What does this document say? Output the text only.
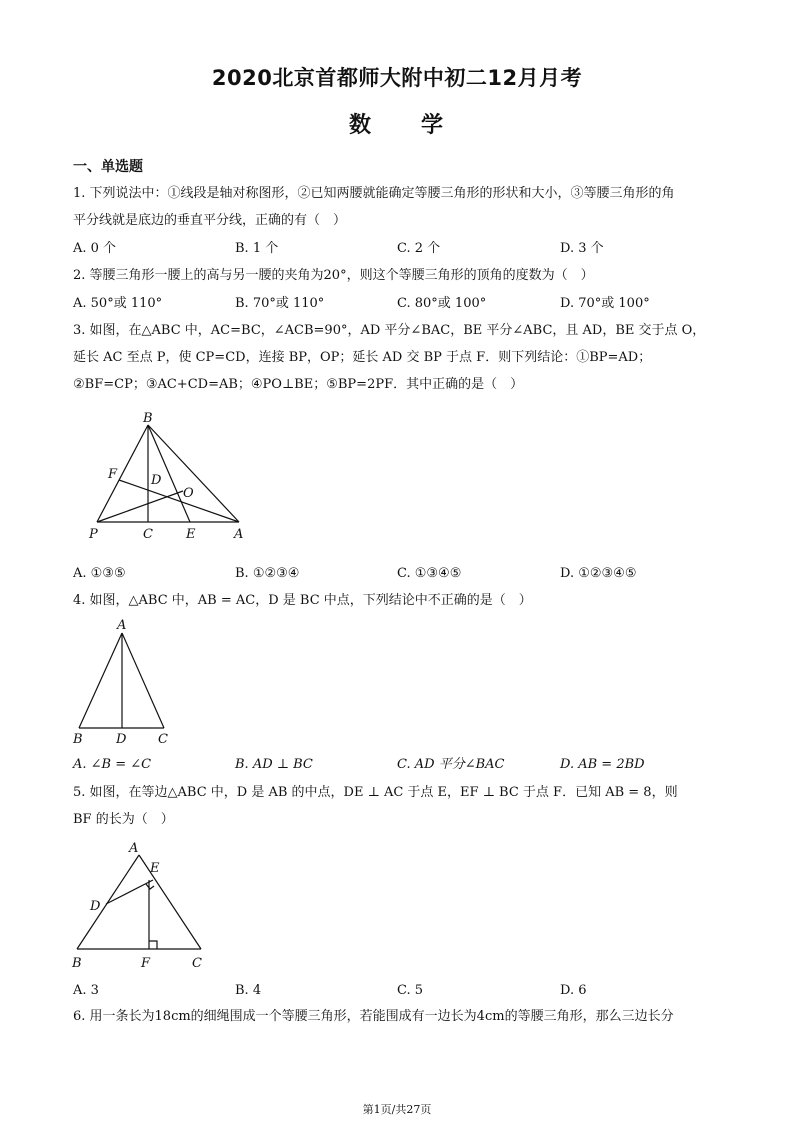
2020北京首都师大附中初二12月月考
数　　学
一、单选题
1. 下列说法中：①线段是轴对称图形，②已知两腰就能确定等腰三角形的形状和大小，③等腰三角形的角
平分线就是底边的垂直平分线，正确的有（　）
A. 0 个	B. 1 个	C. 2 个	D. 3 个
2. 等腰三角形一腰上的高与另一腰的夹角为20°，则这个等腰三角形的顶角的度数为（　）
A. 50°或 110°	B. 70°或 110°	C. 80°或 100°	D. 70°或 100°
3. 如图，在△ABC 中，AC=BC，∠ACB=90°，AD 平分∠BAC，BE 平分∠ABC，且 AD，BE 交于点 O，
延长 AC 至点 P，使 CP=CD，连接 BP，OP；延长 AD 交 BP 于点 F．则下列结论：①BP=AD；
②BF=CP；③AC+CD=AB；④PO⊥BE；⑤BP=2PF．其中正确的是（　）
B
F	D
O
P	C	E	A
A. ①③⑤	B. ①②③④	C. ①③④⑤	D. ①②③④⑤
4. 如图，△ABC 中，AB = AC，D 是 BC 中点，下列结论中不正确的是（　）
A
B	D C
A. ∠B = ∠C	B. AD ⊥ BC	C. AD 平分∠BAC	D. AB = 2BD
5. 如图，在等边△ABC 中，D 是 AB 的中点，DE ⊥ AC 于点 E，EF ⊥ BC 于点 F．已知 AB = 8，则
BF 的长为（　）
A
E
D
B	F	C
A. 3	B. 4	C. 5	D. 6
6. 用一条长为18cm的细绳围成一个等腰三角形，若能围成有一边长为4cm的等腰三角形，那么三边长分
第1页/共27页
